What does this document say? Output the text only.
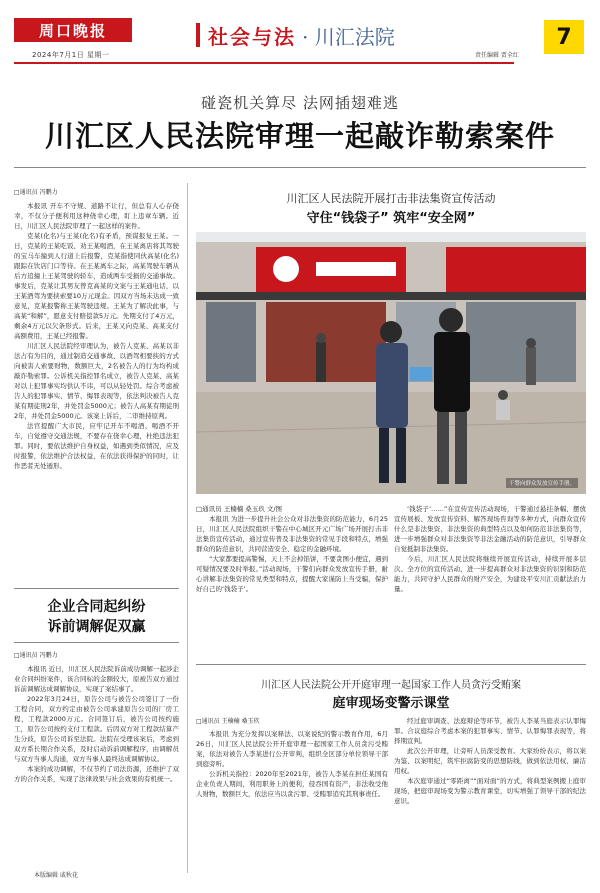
周口晚报
2024年7月1日 星期一
社会与法 · 川汇法院
责任编辑 贾全红
7
碰瓷机关算尽 法网插翅难逃
川汇区人民法院审理一起敲诈勒索案件
□通讯员 冯鹏力

本报讯 开车不守规、道路不让行，但总有人心存侥幸，不仅分子便利用这种侥幸心理，盯上违章车辆。近日，川汇区人民法院审理了一起这样的案件。

克某(化名)与王某(化名)有矛盾，预谋报复王某。一日，克某的王某吃饭、劝王某喝酒，在王某离店将其驾驶的宝马车撞到人行道上后报警，克某指使同伙高某(化名)跟踪在饮店门口等待。在王某离车之际，高某驾驶车辆从后方追撞上王某驾驶的轿车，造成两车受损的交通事故。事发后，克某让其男友曾克高某的文案与王某通电话，以王某酒驾为要挟索要10万元现金。因双方当场未达成一致意见，克某报警称王某驾驶违规。王某为了解决此事，与高某“和解”，愿意支付赔偿款5万元。先期支付了4万元，剩余4万元以欠条形式。后来，王某又向克某、高某支付高额费用，王某已经报警。

川汇区人民法院经审理认为，被告人克某、高某以非法占有为目的，通过制造交通事故、以酒驾相要挟的方式向被害人索要财物，数额巨大，2名被告人的行为均构成敲诈勒索罪。公诉机关指控罪名成立，被告人克某、高某对以上犯罪事实均供认不讳，可以从轻处罚。综合考虑被告人的犯罪事实、情节、悔罪表现等，依法判决被告人克某有期徒刑2年，并处罚金5000元；被告人高某有期徒刑2年，并处罚金5000元。该案上诉后，二审维持原判。

法官提醒广大市民，应牢记开车不喝酒、喝酒不开车，自觉遵守交通法规，不要存在侥幸心理，杜绝违法犯罪。同时，要依法维护自身权益，如遇到类似情况，应及时报警，依法维护合法权益，在依法获得保护的同时，让作恶者无处遁形。

企业合同起纠纷
诉前调解促双赢
□通讯员 冯鹏力

本报讯 近日，川汇区人民法院诉前成功调解一起涉企业合同纠纷案件，该合同标的金额较大，原被告双方通过诉前调解达成调解协议，实现了案结事了。

2022年3月24日，原告公司与被告公司签订了一份工程合同，双方约定由被告公司承建原告公司的厂房工程，工程款2000万元。合同签订后，被告公司按约施工，原告公司按约支付工程款。后因双方对工程款结算产生分歧，原告公司诉至法院。法院在受理该案后，考虑到双方系长期合作关系，及时启动诉前调解程序，由调解员与双方当事人沟通，双方当事人最终达成调解协议。

本案的成功调解，不仅节约了司法资源，还维护了双方的合作关系，实现了法律效果与社会效果的有机统一。

本版编辑 戚秋花
川汇区人民法院开展打击非法集资宣传活动
守住“钱袋子” 筑牢“安全网”
干警向群众发放宣传手册。

□通讯员 王楠楠 桑玉玖 文/图

本报讯 为进一步提升社会公众对非法集资的防范能力，6月25日，川汇区人民法院组织干警在中心城区开元广场广场开展打击非法集资宣传活动，通过宣传普及非法集资的常见手段和特点，增强群众的防范意识，共同营造安全、稳定的金融环境。

“大家都要提高警惕，天上不会掉馅饼，不要贪图小便宜，遇到可疑情况要及时举报。”活动现场，干警们向群众发放宣传手册，耐心讲解非法集资的常见类型和特点，提醒大家谨防上当受骗，保护好自己的‘钱袋子’。

‘钱袋子’……”在宣传宣传活动现场，干警通过悬挂条幅、摆放宣传展板、发放宣传资料、解答现场咨询等多种方式，向群众宣传什么是非法集资、非法集资的典型特点以及如何防范非法集资等，进一步增强群众对非法集资等非法金融活动的防范意识，引导群众自觉抵制非法集资。

今后，川汇区人民法院将继续开展宣传活动，持续开展多层次、全方位的宣传活动，进一步提高群众对非法集资的识别和防范能力，共同守护人民群众的财产安全，为建设平安川汇贡献法治力量。

川汇区人民法院公开开庭审理一起国家工作人员贪污受贿案
庭审现场变警示课堂
□通讯员 王楠楠 桑玉玖

本报讯 为充分发挥以案释法、以案说纪的警示教育作用，6月26日，川汇区人民法院公开开庭审理一起国家工作人员贪污受贿案，依法对被告人李某进行公开审判，组织全区部分单位领导干部到庭旁听。

公诉机关指控：2020年至2021年，被告人李某在担任某国有企业负责人期间，利用职务上的便利，侵吞国有资产，非法收受他人财物，数额巨大，依法应当以贪污罪、受贿罪追究其刑事责任。

经过庭审调查、法庭辩论等环节，被告人李某当庭表示认罪悔罪。合议庭综合考虑本案的犯罪事实、情节、认罪悔罪表现等，将择期宣判。

此次公开审理，让旁听人员深受教育。大家纷纷表示，将以案为鉴、以案明纪，筑牢拒腐防变的思想防线，做到依法用权、廉洁用权。

本次庭审通过“零距离”“面对面”的方式，将典型案例搬上庭审现场，把庭审现场变为警示教育课堂，切实增强了领导干部的纪法意识。
